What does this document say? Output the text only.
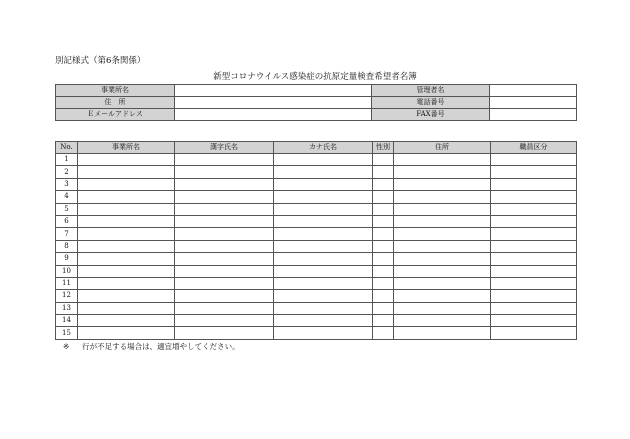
別記様式（第6条関係）
新型コロナウイルス感染症の抗原定量検査希望者名簿
事業所名		管理者名	
住　所		電話番号	
Ｅメールアドレス		FAX番号	
No.	事業所名	漢字氏名	カナ氏名	性別	住所	職員区分
1						
2						
3						
4						
5						
6						
7						
8						
9						
10						
11						
12						
13						
14						
15						
※ 行が不足する場合は、適宜増やしてください。
